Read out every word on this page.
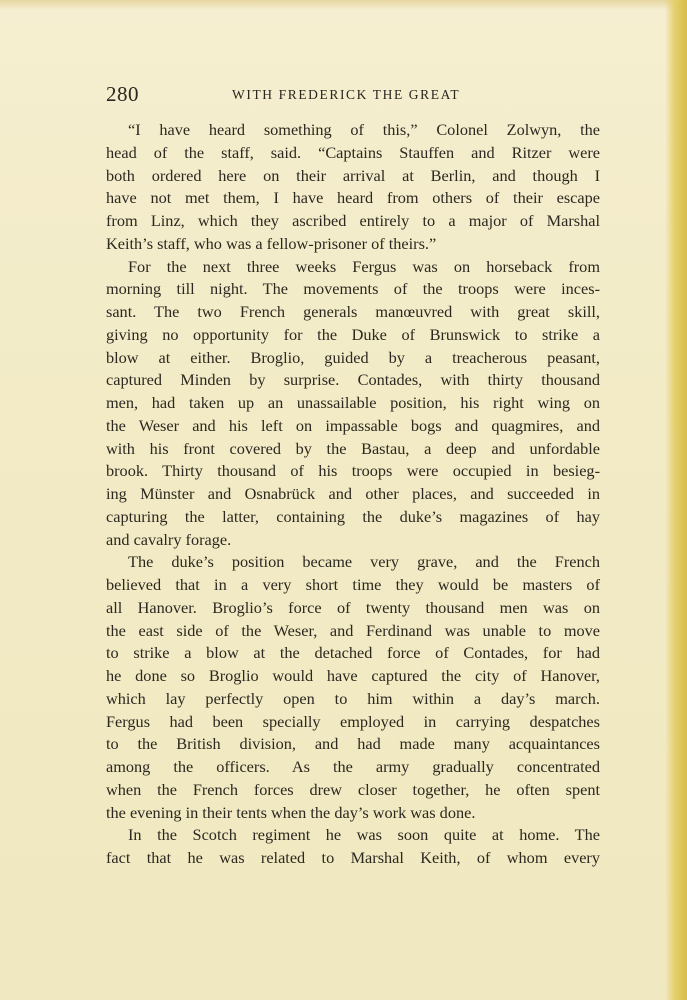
280	WITH FREDERICK THE GREAT
“I have heard something of this,” Colonel Zolwyn, the
head of the staff, said. “Captains Stauffen and Ritzer were
both ordered here on their arrival at Berlin, and though I
have not met them, I have heard from others of their escape
from Linz, which they ascribed entirely to a major of Marshal
Keith’s staff, who was a fellow-prisoner of theirs.”
For the next three weeks Fergus was on horseback from
morning till night. The movements of the troops were inces-
sant. The two French generals manœuvred with great skill,
giving no opportunity for the Duke of Brunswick to strike a
blow at either. Broglio, guided by a treacherous peasant,
captured Minden by surprise. Contades, with thirty thousand
men, had taken up an unassailable position, his right wing on
the Weser and his left on impassable bogs and quagmires, and
with his front covered by the Bastau, a deep and unfordable
brook. Thirty thousand of his troops were occupied in besieg-
ing Münster and Osnabrück and other places, and succeeded in
capturing the latter, containing the duke’s magazines of hay
and cavalry forage.
The duke’s position became very grave, and the French
believed that in a very short time they would be masters of
all Hanover. Broglio’s force of twenty thousand men was on
the east side of the Weser, and Ferdinand was unable to move
to strike a blow at the detached force of Contades, for had
he done so Broglio would have captured the city of Hanover,
which lay perfectly open to him within a day’s march.
Fergus had been specially employed in carrying despatches
to the British division, and had made many acquaintances
among the officers. As the army gradually concentrated
when the French forces drew closer together, he often spent
the evening in their tents when the day’s work was done.
In the Scotch regiment he was soon quite at home. The
fact that he was related to Marshal Keith, of whom every
